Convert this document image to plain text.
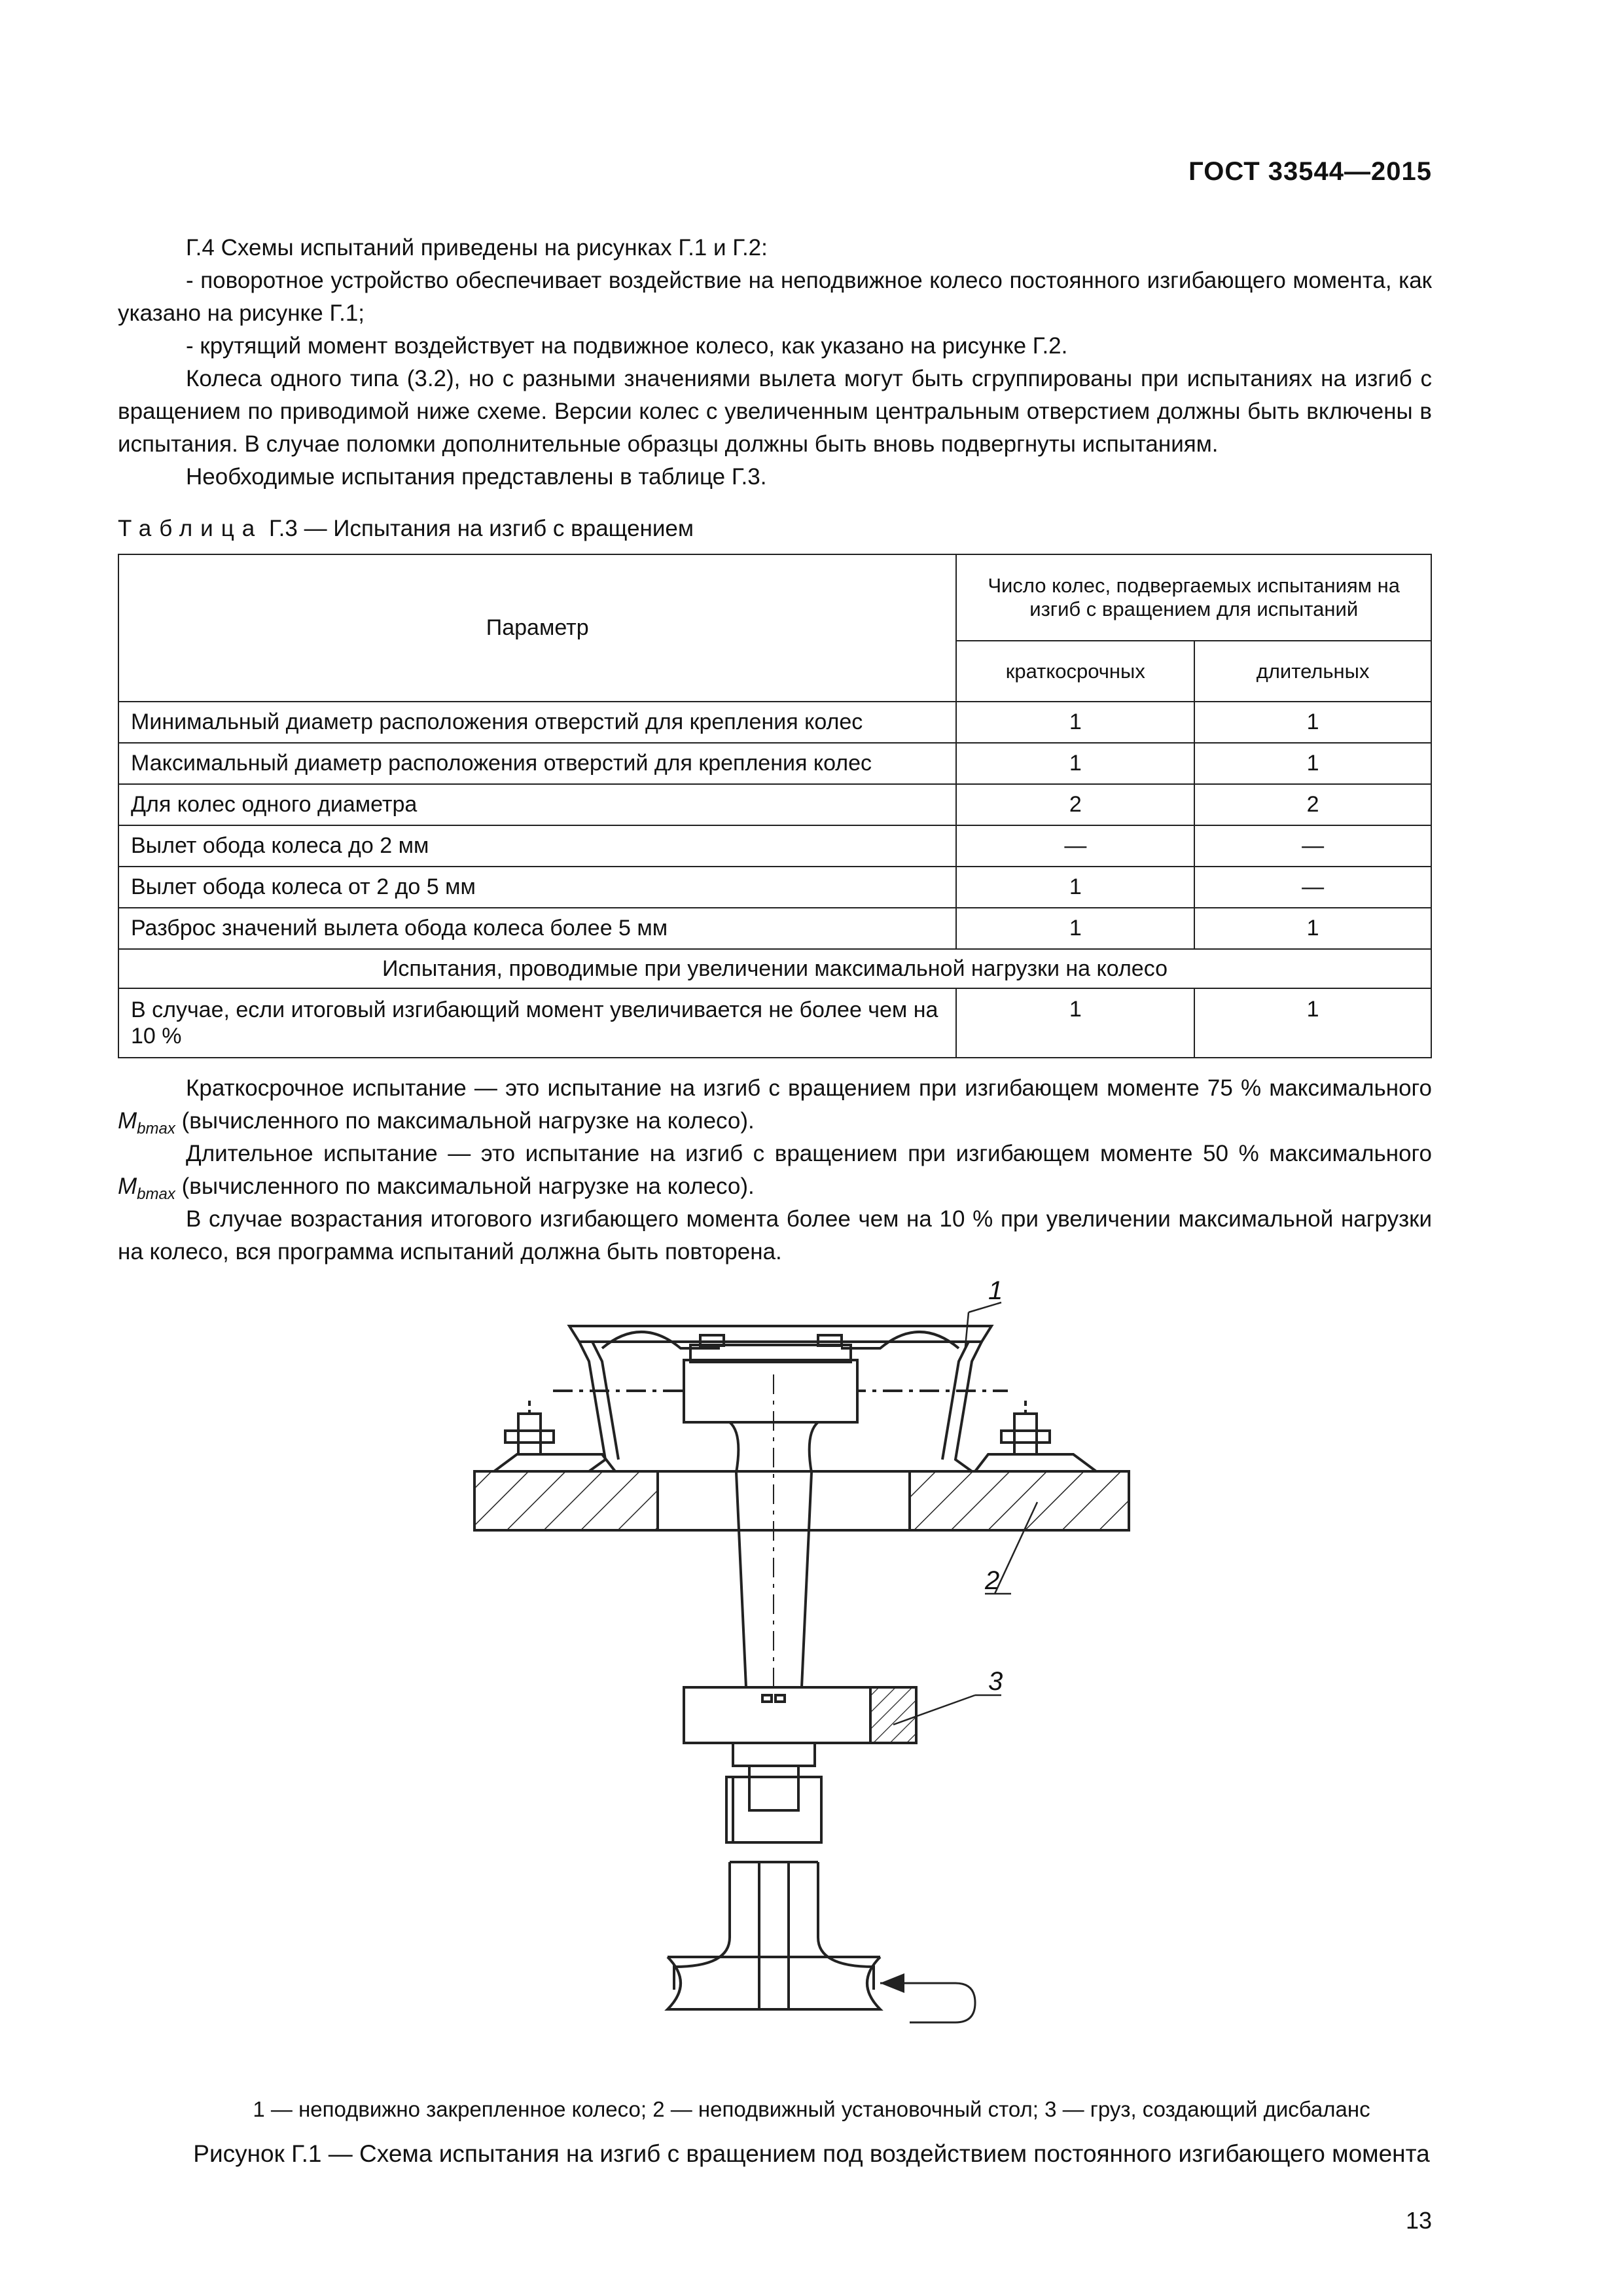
ГОСТ 33544—2015
Г.4 Схемы испытаний приведены на рисунках Г.1 и Г.2:
- поворотное устройство обеспечивает воздействие на неподвижное колесо постоянного изгибающего момента, как указано на рисунке Г.1;
- крутящий момент воздействует на подвижное колесо, как указано на рисунке Г.2.
Колеса одного типа (3.2), но с разными значениями вылета могут быть сгруппированы при испытаниях на изгиб с вращением по приводимой ниже схеме. Версии колес с увеличенным центральным отверстием должны быть включены в испытания. В случае поломки дополнительные образцы должны быть вновь подвергнуты испытаниям.
Необходимые испытания представлены в таблице Г.3.
Таблица Г.3 — Испытания на изгиб с вращением
Параметр	Число колес, подвергаемых испытаниям на изгиб с вращением для испытаний	
	краткосрочных	длительных
Минимальный диаметр расположения отверстий для крепления колес	1	1
Максимальный диаметр расположения отверстий для крепления колес	1	1
Для колес одного диаметра	2	2
Вылет обода колеса до 2 мм	—	—
Вылет обода колеса от 2 до 5 мм	1	—
Разброс значений вылета обода колеса более 5 мм	1	1
Испытания, проводимые при увеличении максимальной нагрузки на колесо		
В случае, если итоговый изгибающий момент увеличивается не более чем на 10 %	1	1
Краткосрочное испытание — это испытание на изгиб с вращением при изгибающем моменте 75 % максимального $M_{bmax}$ (вычисленного по максимальной нагрузке на колесо).
Длительное испытание — это испытание на изгиб с вращением при изгибающем моменте 50 % максимального $M_{bmax}$ (вычисленного по максимальной нагрузке на колесо).
В случае возрастания итогового изгибающего момента более чем на 10 % при увеличении максимальной нагрузки на колесо, вся программа испытаний должна быть повторена.
1
2
3
1 — неподвижно закрепленное колесо; 2 — неподвижный установочный стол; 3 — груз, создающий дисбаланс
Рисунок Г.1 — Схема испытания на изгиб с вращением под воздействием постоянного изгибающего момента
13
